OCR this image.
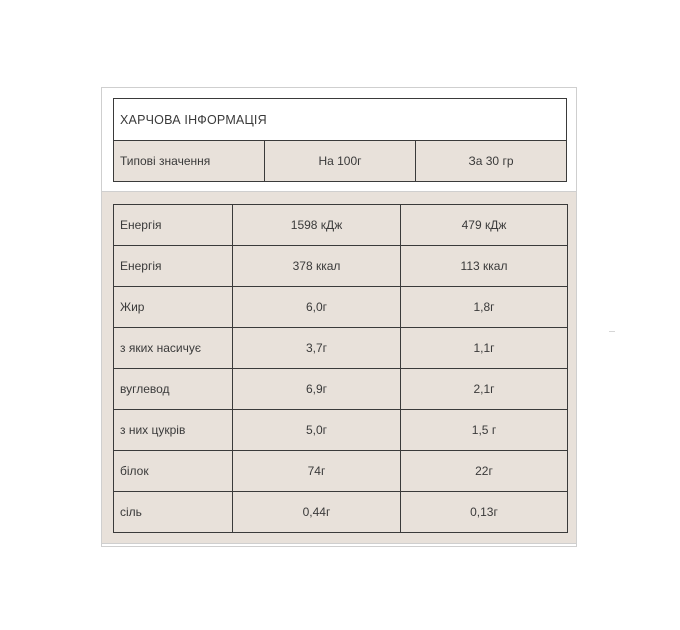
ХАРЧОВА ІНФОРМАЦІЯ
Типові значення	На 100г	За 30 гр
Енергія	1598 кДж	479 кДж
Енергія	378 ккал	113 ккал
Жир	6,0г	1,8г
з яких насичує	3,7г	1,1г
вуглевод	6,9г	2,1г
з них цукрів	5,0г	1,5 г
білок	74г	22г
сіль	0,44г	0,13г
